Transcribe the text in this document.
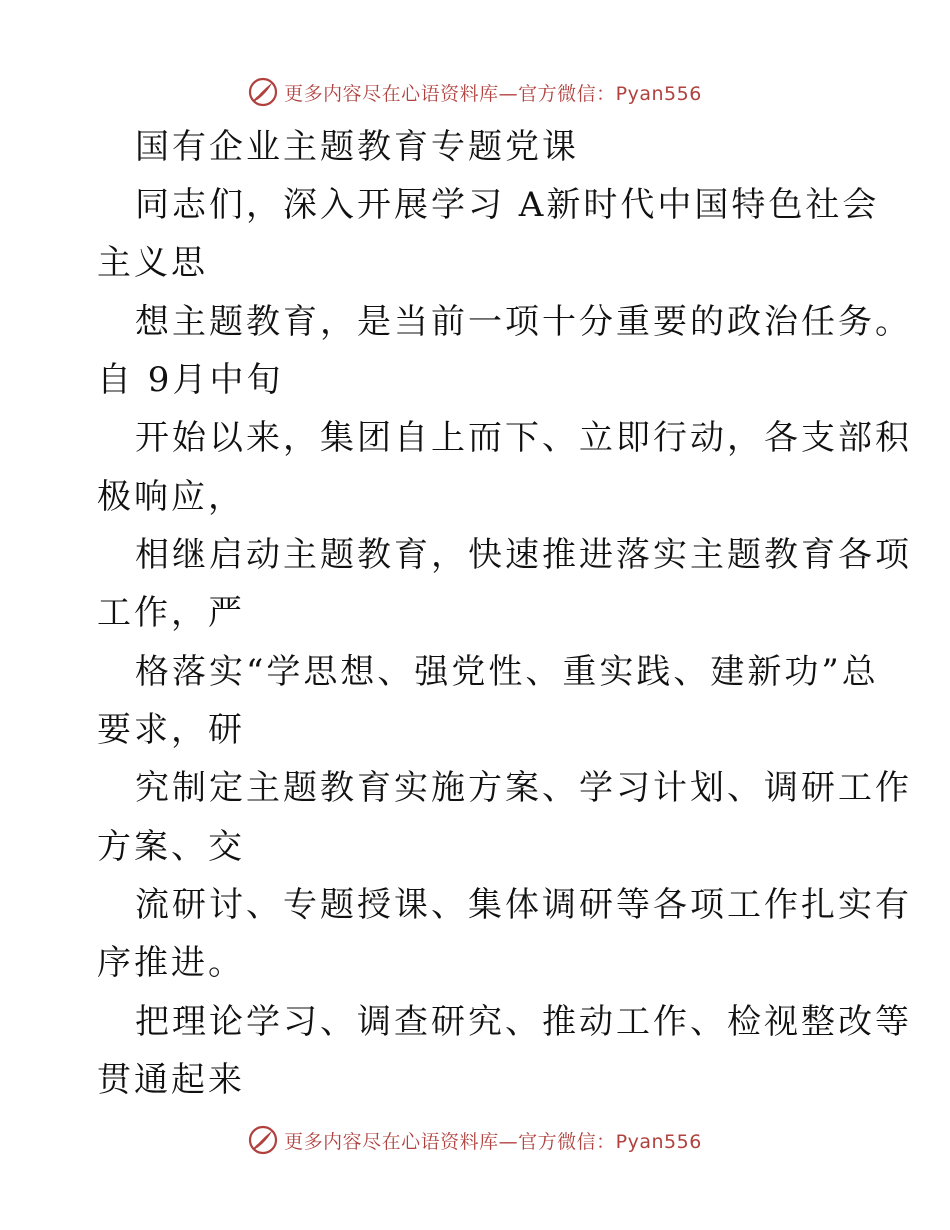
更多内容尽在心语资料库—官方微信：Pyan556
国有企业主题教育专题党课
同志们，深入开展学习 A新时代中国特色社会
主义思
想主题教育，是当前一项十分重要的政治任务。
自 9月中旬
开始以来，集团自上而下、立即行动，各支部积
极响应，
相继启动主题教育，快速推进落实主题教育各项
工作，严
格落实“学思想、强党性、重实践、建新功”总
要求，研
究制定主题教育实施方案、学习计划、调研工作
方案、交
流研讨、专题授课、集体调研等各项工作扎实有
序推进。
把理论学习、调查研究、推动工作、检视整改等
贯通起来
更多内容尽在心语资料库—官方微信：Pyan556
